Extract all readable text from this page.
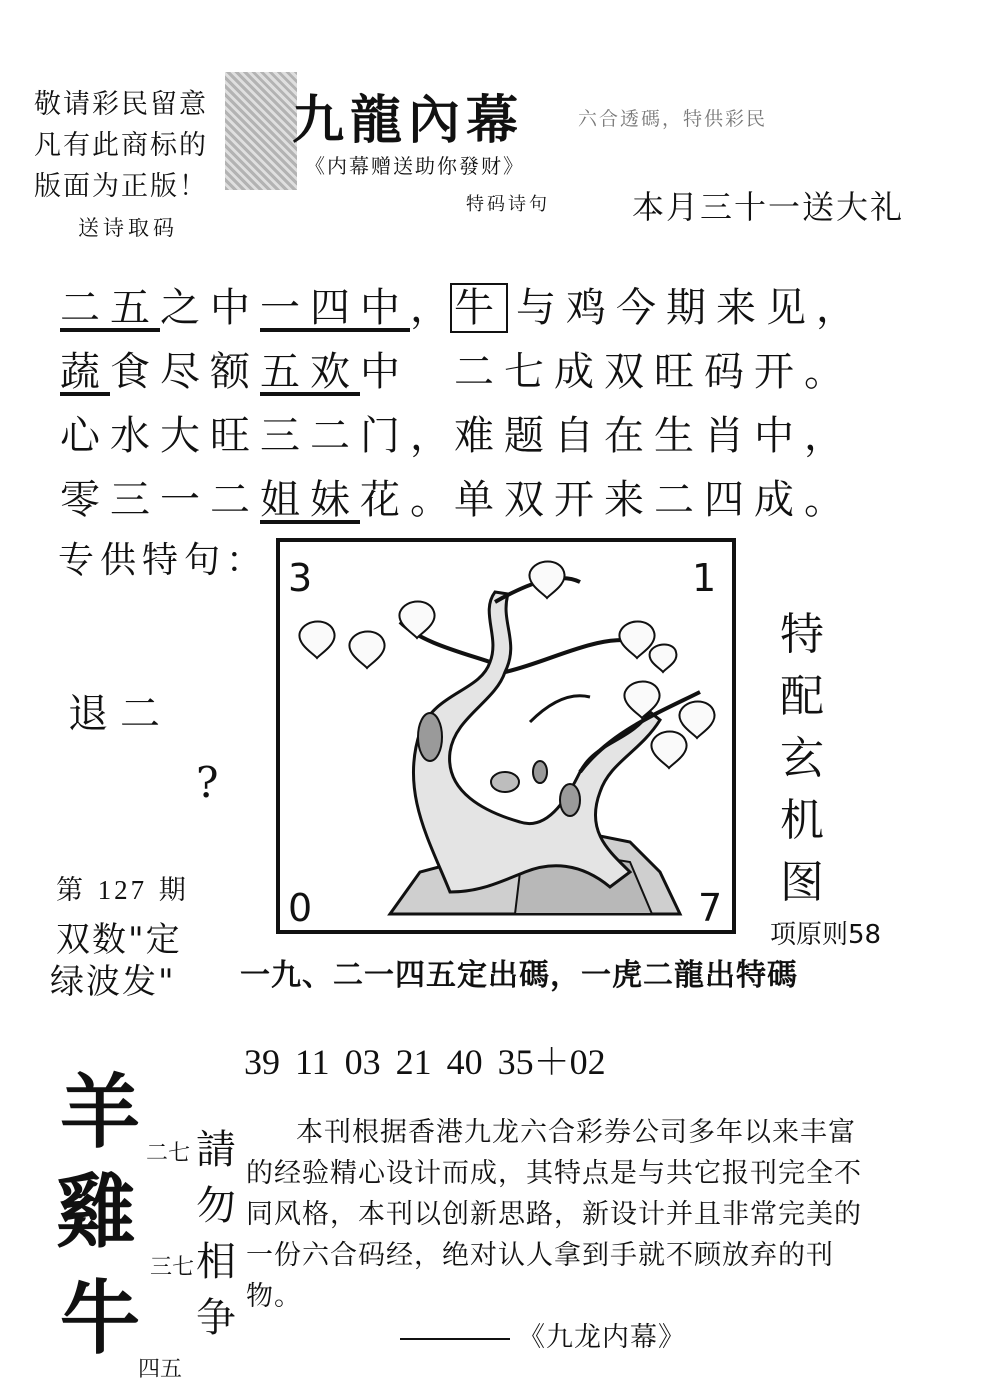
敬请彩民留意
凡有此商标的
版面为正版！
送诗取码
九龍內幕	六合透碼，特供彩民
《内幕赠送助你發财》
特码诗句	本月三十一送大礼
二五之中一四中，
蔬食尽额五欢中
心水大旺三二门，
零三一二姐妹花。
牛 与鸡今期来见，
二七成双旺码开。
难题自在生肖中，
单双开来二四成。
专供特句：
退二
?
3	1
0	7
特
配
玄
机
图
项原则58
第 127 期
双数"定
绿波发" 一九、二一四五定出碼，一虎二龍出特碼
39 11 03 21 40 35＋02
羊
雞
牛
二七
三七
四五
請
勿
相
争

本刊根据香港九龙六合彩券公司多年以来丰富的经验精心设计而成，其特点是与共它报刊完全不同风格，本刊以创新思路，新设计并且非常完美的一份六合码经，绝对认人拿到手就不顾放弃的刊物。

《九龙内幕》
